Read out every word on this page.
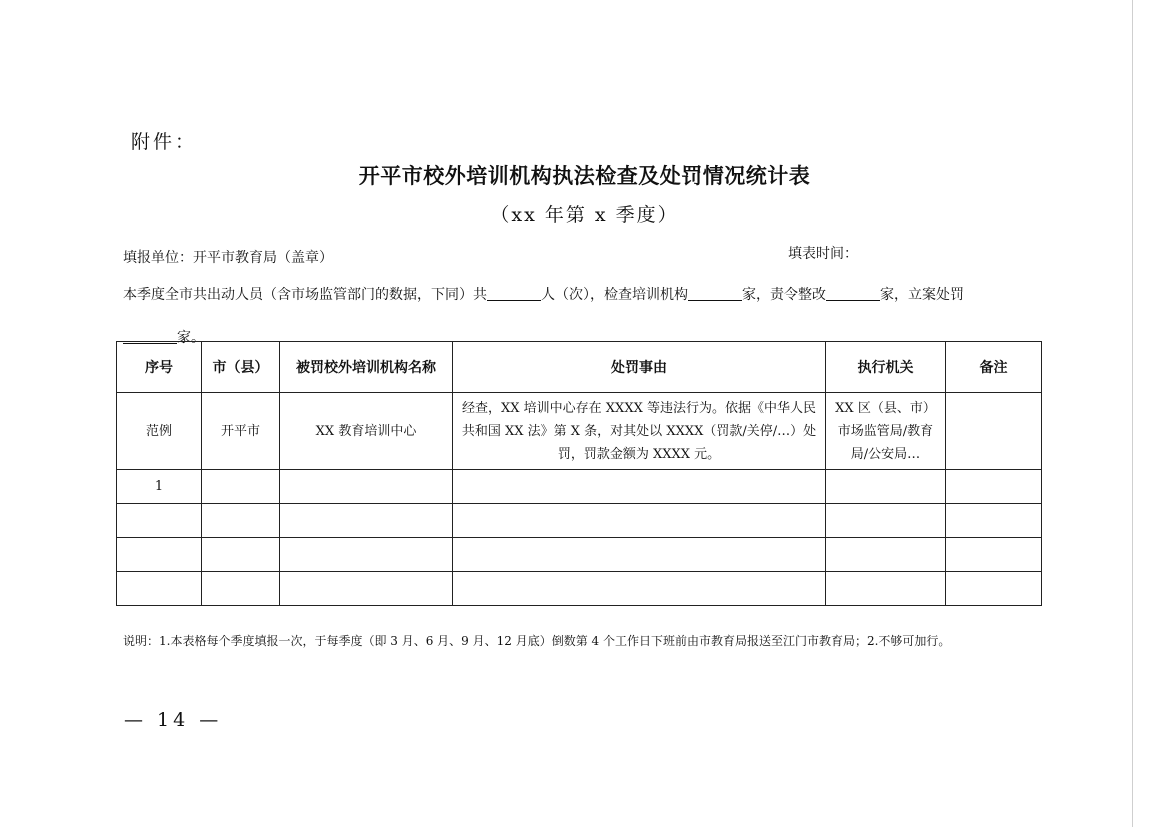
附件：
开平市校外培训机构执法检查及处罚情况统计表
（xx 年第 x 季度）
填报单位：开平市教育局（盖章）	填表时间：
本季度全市共出动人员（含市场监管部门的数据，下同）共	人（次），检查培训机构	家，责令整改	家，立案处罚
家。
序号	市（县）	被罚校外培训机构名称	处罚事由	执行机关	备注
范例	开平市	XX 教育培训中心	经查，XX 培训中心存在 XXXX 等违法行为。依据《中华人民共和国 XX 法》第 X 条，对其处以 XXXX（罚款/关停/…）处罚，罚款金额为 XXXX 元。	XX 区（县、市）市场监管局/教育局/公安局…	
1					

说明：1.本表格每个季度填报一次，于每季度（即 3 月、6 月、9 月、12 月底）倒数第 4 个工作日下班前由市教育局报送至江门市教育局；2.不够可加行。
— 14 —
